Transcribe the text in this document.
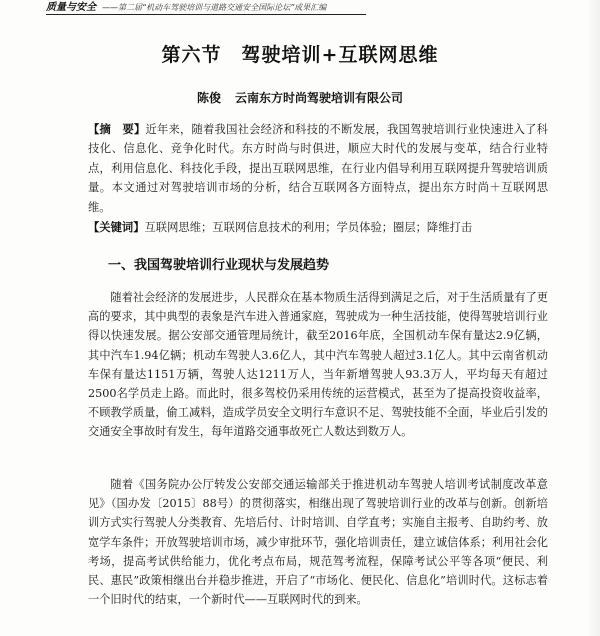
质量与安全 ——第二届“机动车驾驶培训与道路交通安全国际论坛”成果汇编
第六节　驾驶培训+互联网思维
陈俊 云南东方时尚驾驶培训有限公司
【摘　要】近年来，随着我国社会经济和科技的不断发展，我国驾驶培训行业快速进入了科技化、信息化、竞争化时代。东方时尚与时俱进，顺应大时代的发展与变革，结合行业特点，利用信息化、科技化手段，提出互联网思维，在行业内倡导利用互联网提升驾驶培训质量。本文通过对驾驶培训市场的分析，结合互联网各方面特点，提出东方时尚＋互联网思维。
【关键词】互联网思维；互联网信息技术的利用；学员体验；圈层；降维打击
一、我国驾驶培训行业现状与发展趋势
随着社会经济的发展进步，人民群众在基本物质生活得到满足之后，对于生活质量有了更高的要求，其中典型的表象是汽车进入普通家庭，驾驶成为一种生活技能，使得驾驶培训行业得以快速发展。据公安部交通管理局统计，截至2016年底，全国机动车保有量达2.9亿辆，其中汽车1.94亿辆；机动车驾驶人3.6亿人，其中汽车驾驶人超过3.1亿人。其中云南省机动车保有量达1151万辆，驾驶人达1211万人，当年新增驾驶人93.3万人，平均每天有超过2500名学员走上路。而此时，很多驾校仍采用传统的运营模式，甚至为了提高投资收益率，不顾教学质量，偷工减料，造成学员安全文明行车意识不足、驾驶技能不全面，毕业后引发的交通安全事故时有发生，每年道路交通事故死亡人数达到数万人。
随着《国务院办公厅转发公安部交通运输部关于推进机动车驾驶人培训考试制度改革意见》（国办发〔2015〕88号）的贯彻落实，相继出现了驾驶培训行业的改革与创新。创新培训方式实行驾驶人分类教育、先培后付、计时培训、自学直考；实施自主报考、自助约考、放宽学车条件；开放驾驶培训市场，减少审批环节，强化培训责任，建立诚信体系；利用社会化考场，提高考试供给能力，优化考点布局，规范驾考流程，保障考试公平等各项“便民、利民、惠民”政策相继出台并稳步推进，开启了“市场化、便民化、信息化”培训时代。这标志着一个旧时代的结束，一个新时代——互联网时代的到来。
